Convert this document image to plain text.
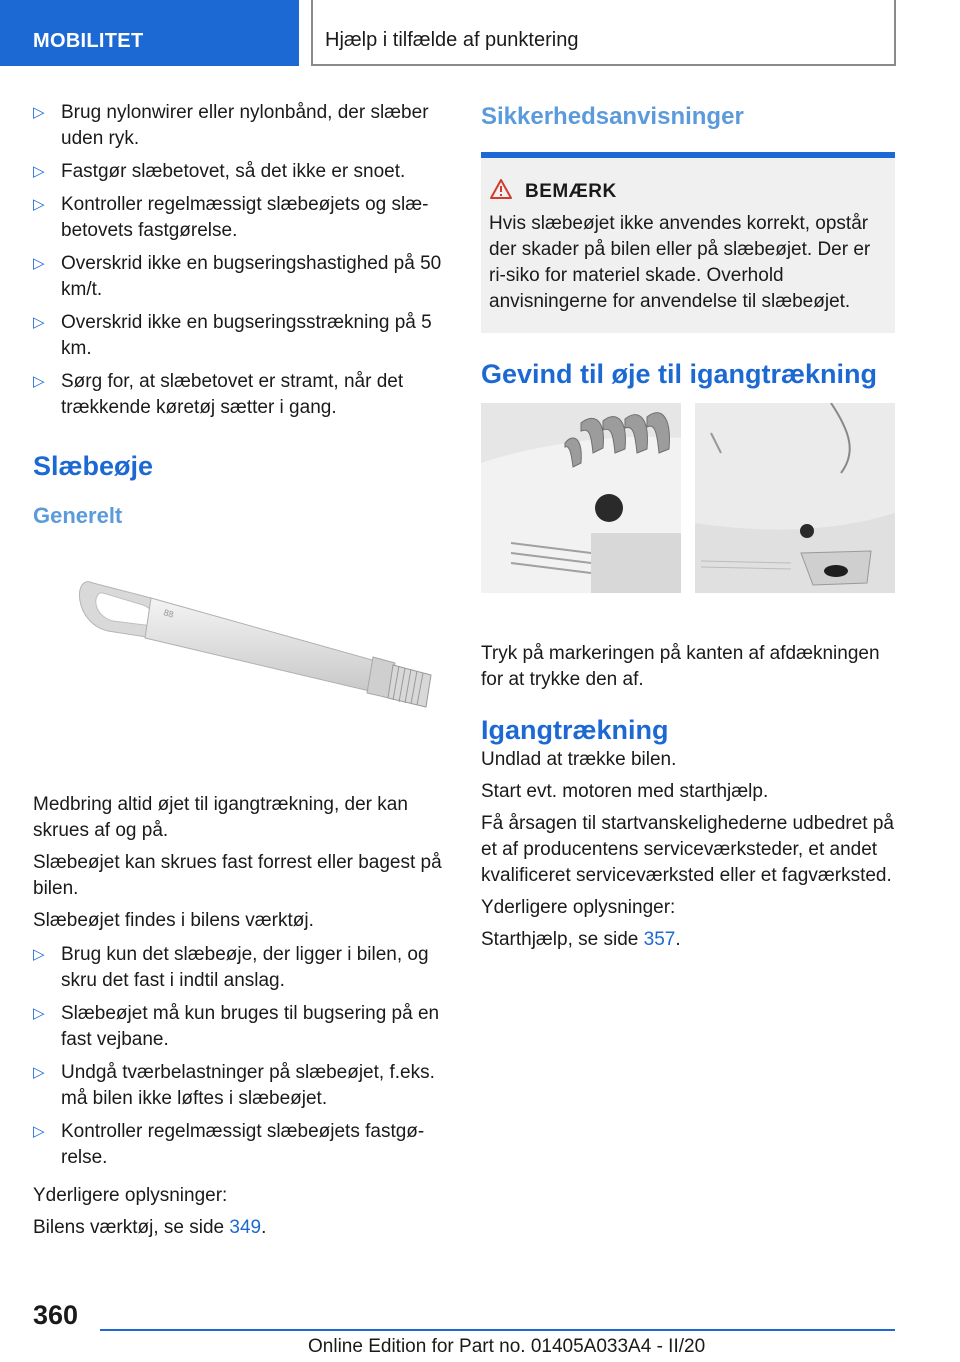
MOBILITET	Hjælp i tilfælde af punktering
▷ Brug nylonwirer eller nylonbånd, der slæber uden ryk.
▷ Fastgør slæbetovet, så det ikke er snoet.
▷ Kontroller regelmæssigt slæbeøjets og slæ-betovets fastgørelse.
▷ Overskrid ikke en bugseringshastighed på 50 km/t.
▷ Overskrid ikke en bugseringsstrækning på 5 km.
▷ Sørg for, at slæbetovet er stramt, når det trækkende køretøj sætter i gang.
Slæbeøje
Generelt
88

Medbring altid øjet til igangtrækning, der kan skrues af og på.

Slæbeøjet kan skrues fast forrest eller bagest på bilen.

Slæbeøjet findes i bilens værktøj.

▷ Brug kun det slæbeøje, der ligger i bilen, og skru det fast i indtil anslag.
▷ Slæbeøjet må kun bruges til bugsering på en fast vejbane.
▷ Undgå tværbelastninger på slæbeøjet, f.eks. må bilen ikke løftes i slæbeøjet.
▷ Kontroller regelmæssigt slæbeøjets fastgø-relse.

Yderligere oplysninger:

Bilens værktøj, se side 349.

Sikkerhedsanvisninger
BEMÆRK

Hvis slæbeøjet ikke anvendes korrekt, opstår der skader på bilen eller på slæbeøjet. Der er ri-siko for materiel skade. Overhold anvisningerne for anvendelse til slæbeøjet.

Gevind til øje til igangtrækning

Tryk på markeringen på kanten af afdækningen for at trykke den af.

Igangtrækning

Undlad at trække bilen.

Start evt. motoren med starthjælp.

Få årsagen til startvanskelighederne udbedret på et af producentens serviceværksteder, et andet kvalificeret serviceværksted eller et fagværksted.

Yderligere oplysninger:

Starthjælp, se side 357.

360
Online Edition for Part no. 01405A033A4 - II/20
